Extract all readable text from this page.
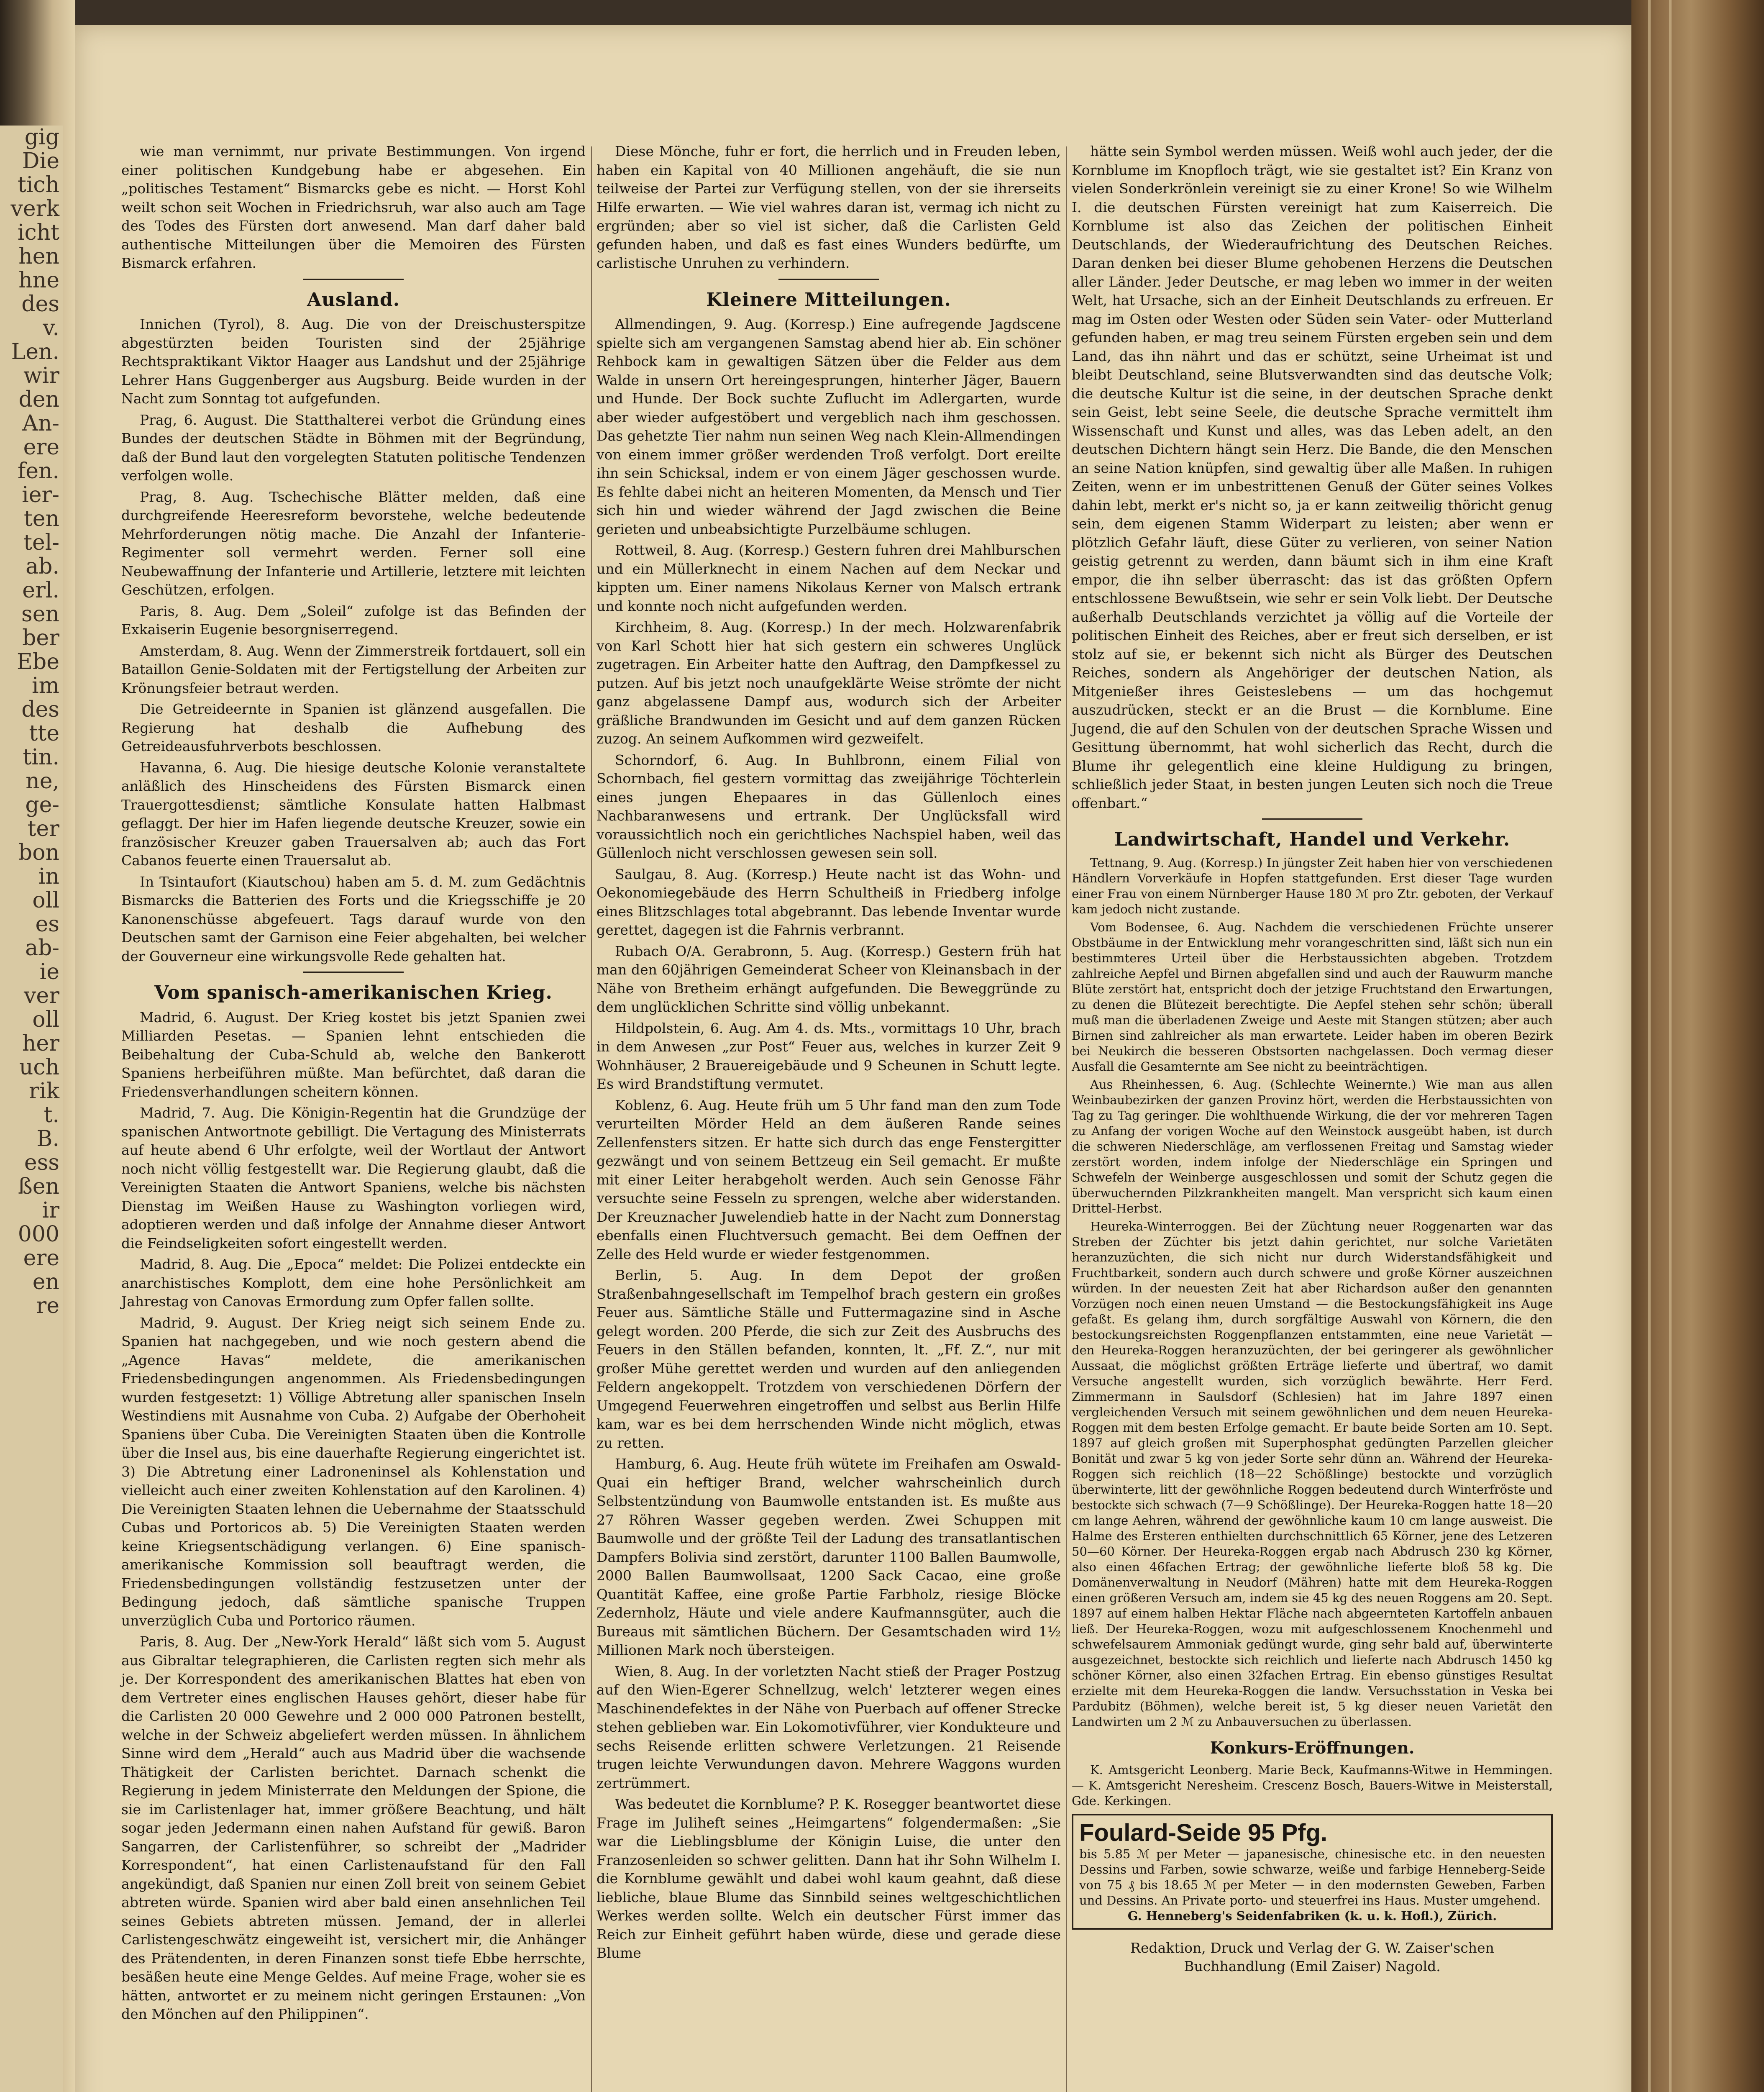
gig
Die
tich
verk
icht
hen
hne
des
v.
Len.
wir
den
An-
ere
fen.
ier-
ten
tel-
ab.
erl.
sen
ber
Ebe
im
des
tte
tin.
ne,
ge-
ter
bon
in
oll
es
ab-
ie
ver
oll
her
uch
rik
t.
B.
ess
ßen
ir
000
ere
en
re

wie man vernimmt, nur private Bestimmungen. Von irgend einer politischen Kundgebung habe er abgesehen. Ein „politisches Testament“ Bismarcks gebe es nicht. — Horst Kohl weilt schon seit Wochen in Friedrichsruh, war also auch am Tage des Todes des Fürsten dort anwesend. Man darf daher bald authentische Mitteilungen über die Memoiren des Fürsten Bismarck erfahren.

Ausland.

Innichen (Tyrol), 8. Aug. Die von der Dreischusterspitze abgestürzten beiden Touristen sind der 25jährige Rechtspraktikant Viktor Haager aus Landshut und der 25jährige Lehrer Hans Guggenberger aus Augsburg. Beide wurden in der Nacht zum Sonntag tot aufgefunden.

Prag, 6. August. Die Statthalterei verbot die Gründung eines Bundes der deutschen Städte in Böhmen mit der Begründung, daß der Bund laut den vorgelegten Statuten politische Tendenzen verfolgen wolle.

Prag, 8. Aug. Tschechische Blätter melden, daß eine durchgreifende Heeresreform bevorstehe, welche bedeutende Mehrforderungen nötig mache. Die Anzahl der Infanterie-Regimenter soll vermehrt werden. Ferner soll eine Neubewaffnung der Infanterie und Artillerie, letztere mit leichten Geschützen, erfolgen.

Paris, 8. Aug. Dem „Soleil“ zufolge ist das Befinden der Exkaiserin Eugenie besorgniserregend.

Amsterdam, 8. Aug. Wenn der Zimmerstreik fortdauert, soll ein Bataillon Genie-Soldaten mit der Fertigstellung der Arbeiten zur Krönungsfeier betraut werden.

Die Getreideernte in Spanien ist glänzend ausgefallen. Die Regierung hat deshalb die Aufhebung des Getreideausfuhrverbots beschlossen.

Havanna, 6. Aug. Die hiesige deutsche Kolonie veranstaltete anläßlich des Hinscheidens des Fürsten Bismarck einen Trauergottesdienst; sämtliche Konsulate hatten Halbmast geflaggt. Der hier im Hafen liegende deutsche Kreuzer, sowie ein französischer Kreuzer gaben Trauersalven ab; auch das Fort Cabanos feuerte einen Trauersalut ab.

In Tsintaufort (Kiautschou) haben am 5. d. M. zum Gedächtnis Bismarcks die Batterien des Forts und die Kriegsschiffe je 20 Kanonenschüsse abgefeuert. Tags darauf wurde von den Deutschen samt der Garnison eine Feier abgehalten, bei welcher der Gouverneur eine wirkungsvolle Rede gehalten hat.

Vom spanisch-amerikanischen Krieg.

Madrid, 6. August. Der Krieg kostet bis jetzt Spanien zwei Milliarden Pesetas. — Spanien lehnt entschieden die Beibehaltung der Cuba-Schuld ab, welche den Bankerott Spaniens herbeiführen müßte. Man befürchtet, daß daran die Friedensverhandlungen scheitern können.

Madrid, 7. Aug. Die Königin-Regentin hat die Grundzüge der spanischen Antwortnote gebilligt. Die Vertagung des Ministerrats auf heute abend 6 Uhr erfolgte, weil der Wortlaut der Antwort noch nicht völlig festgestellt war. Die Regierung glaubt, daß die Vereinigten Staaten die Antwort Spaniens, welche bis nächsten Dienstag im Weißen Hause zu Washington vorliegen wird, adoptieren werden und daß infolge der Annahme dieser Antwort die Feindseligkeiten sofort eingestellt werden.

Madrid, 8. Aug. Die „Epoca“ meldet: Die Polizei entdeckte ein anarchistisches Komplott, dem eine hohe Persönlichkeit am Jahrestag von Canovas Ermordung zum Opfer fallen sollte.

Madrid, 9. August. Der Krieg neigt sich seinem Ende zu. Spanien hat nachgegeben, und wie noch gestern abend die „Agence Havas“ meldete, die amerikanischen Friedensbedingungen angenommen. Als Friedensbedingungen wurden festgesetzt: 1) Völlige Abtretung aller spanischen Inseln Westindiens mit Ausnahme von Cuba. 2) Aufgabe der Oberhoheit Spaniens über Cuba. Die Vereinigten Staaten üben die Kontrolle über die Insel aus, bis eine dauerhafte Regierung eingerichtet ist. 3) Die Abtretung einer Ladroneninsel als Kohlenstation und vielleicht auch einer zweiten Kohlenstation auf den Karolinen. 4) Die Vereinigten Staaten lehnen die Uebernahme der Staatsschuld Cubas und Portoricos ab. 5) Die Vereinigten Staaten werden keine Kriegsentschädigung verlangen. 6) Eine spanisch-amerikanische Kommission soll beauftragt werden, die Friedensbedingungen vollständig festzusetzen unter der Bedingung jedoch, daß sämtliche spanische Truppen unverzüglich Cuba und Portorico räumen.

Paris, 8. Aug. Der „New-York Herald“ läßt sich vom 5. August aus Gibraltar telegraphieren, die Carlisten regten sich mehr als je. Der Korrespondent des amerikanischen Blattes hat eben von dem Vertreter eines englischen Hauses gehört, dieser habe für die Carlisten 20 000 Gewehre und 2 000 000 Patronen bestellt, welche in der Schweiz abgeliefert werden müssen. In ähnlichem Sinne wird dem „Herald“ auch aus Madrid über die wachsende Thätigkeit der Carlisten berichtet. Darnach schenkt die Regierung in jedem Ministerrate den Meldungen der Spione, die sie im Carlistenlager hat, immer größere Beachtung, und hält sogar jeden Jedermann einen nahen Aufstand für gewiß. Baron Sangarren, der Carlistenführer, so schreibt der „Madrider Korrespondent“, hat einen Carlistenaufstand für den Fall angekündigt, daß Spanien nur einen Zoll breit von seinem Gebiet abtreten würde. Spanien wird aber bald einen ansehnlichen Teil seines Gebiets abtreten müssen. Jemand, der in allerlei Carlistengeschwätz eingeweiht ist, versichert mir, die Anhänger des Prätendenten, in deren Finanzen sonst tiefe Ebbe herrschte, besäßen heute eine Menge Geldes. Auf meine Frage, woher sie es hätten, antwortet er zu meinem nicht geringen Erstaunen: „Von den Mönchen auf den Philippinen“.

Diese Mönche, fuhr er fort, die herrlich und in Freuden leben, haben ein Kapital von 40 Millionen angehäuft, die sie nun teilweise der Partei zur Verfügung stellen, von der sie ihrerseits Hilfe erwarten. — Wie viel wahres daran ist, vermag ich nicht zu ergründen; aber so viel ist sicher, daß die Carlisten Geld gefunden haben, und daß es fast eines Wunders bedürfte, um carlistische Unruhen zu verhindern.

Kleinere Mitteilungen.

Allmendingen, 9. Aug. (Korresp.) Eine aufregende Jagdscene spielte sich am vergangenen Samstag abend hier ab. Ein schöner Rehbock kam in gewaltigen Sätzen über die Felder aus dem Walde in unsern Ort hereingesprungen, hinterher Jäger, Bauern und Hunde. Der Bock suchte Zuflucht im Adlergarten, wurde aber wieder aufgestöbert und vergeblich nach ihm geschossen. Das gehetzte Tier nahm nun seinen Weg nach Klein-Allmendingen von einem immer größer werdenden Troß verfolgt. Dort ereilte ihn sein Schicksal, indem er von einem Jäger geschossen wurde. Es fehlte dabei nicht an heiteren Momenten, da Mensch und Tier sich hin und wieder während der Jagd zwischen die Beine gerieten und unbeabsichtigte Purzelbäume schlugen.

Rottweil, 8. Aug. (Korresp.) Gestern fuhren drei Mahlburschen und ein Müllerknecht in einem Nachen auf dem Neckar und kippten um. Einer namens Nikolaus Kerner von Malsch ertrank und konnte noch nicht aufgefunden werden.

Kirchheim, 8. Aug. (Korresp.) In der mech. Holzwarenfabrik von Karl Schott hier hat sich gestern ein schweres Unglück zugetragen. Ein Arbeiter hatte den Auftrag, den Dampfkessel zu putzen. Auf bis jetzt noch unaufgeklärte Weise strömte der nicht ganz abgelassene Dampf aus, wodurch sich der Arbeiter gräßliche Brandwunden im Gesicht und auf dem ganzen Rücken zuzog. An seinem Aufkommen wird gezweifelt.

Schorndorf, 6. Aug. In Buhlbronn, einem Filial von Schornbach, fiel gestern vormittag das zweijährige Töchterlein eines jungen Ehepaares in das Güllenloch eines Nachbaranwesens und ertrank. Der Unglücksfall wird voraussichtlich noch ein gerichtliches Nachspiel haben, weil das Güllenloch nicht verschlossen gewesen sein soll.

Saulgau, 8. Aug. (Korresp.) Heute nacht ist das Wohn- und Oekonomiegebäude des Herrn Schultheiß in Friedberg infolge eines Blitzschlages total abgebrannt. Das lebende Inventar wurde gerettet, dagegen ist die Fahrnis verbrannt.

Rubach O/A. Gerabronn, 5. Aug. (Korresp.) Gestern früh hat man den 60jährigen Gemeinderat Scheer von Kleinansbach in der Nähe von Bretheim erhängt aufgefunden. Die Beweggründe zu dem unglücklichen Schritte sind völlig unbekannt.

Hildpolstein, 6. Aug. Am 4. ds. Mts., vormittags 10 Uhr, brach in dem Anwesen „zur Post“ Feuer aus, welches in kurzer Zeit 9 Wohnhäuser, 2 Brauereigebäude und 9 Scheunen in Schutt legte. Es wird Brandstiftung vermutet.

Koblenz, 6. Aug. Heute früh um 5 Uhr fand man den zum Tode verurteilten Mörder Held an dem äußeren Rande seines Zellenfensters sitzen. Er hatte sich durch das enge Fenstergitter gezwängt und von seinem Bettzeug ein Seil gemacht. Er mußte mit einer Leiter herabgeholt werden. Auch sein Genosse Fähr versuchte seine Fesseln zu sprengen, welche aber widerstanden. Der Kreuznacher Juwelendieb hatte in der Nacht zum Donnerstag ebenfalls einen Fluchtversuch gemacht. Bei dem Oeffnen der Zelle des Held wurde er wieder festgenommen.

Berlin, 5. Aug. In dem Depot der großen Straßenbahngesellschaft im Tempelhof brach gestern ein großes Feuer aus. Sämtliche Ställe und Futtermagazine sind in Asche gelegt worden. 200 Pferde, die sich zur Zeit des Ausbruchs des Feuers in den Ställen befanden, konnten, lt. „Ff. Z.“, nur mit großer Mühe gerettet werden und wurden auf den anliegenden Feldern angekoppelt. Trotzdem von verschiedenen Dörfern der Umgegend Feuerwehren eingetroffen und selbst aus Berlin Hilfe kam, war es bei dem herrschenden Winde nicht möglich, etwas zu retten.

Hamburg, 6. Aug. Heute früh wütete im Freihafen am Oswald-Quai ein heftiger Brand, welcher wahrscheinlich durch Selbstentzündung von Baumwolle entstanden ist. Es mußte aus 27 Röhren Wasser gegeben werden. Zwei Schuppen mit Baumwolle und der größte Teil der Ladung des transatlantischen Dampfers Bolivia sind zerstört, darunter 1100 Ballen Baumwolle, 2000 Ballen Baumwollsaat, 1200 Sack Cacao, eine große Quantität Kaffee, eine große Partie Farbholz, riesige Blöcke Zedernholz, Häute und viele andere Kaufmannsgüter, auch die Bureaus mit sämtlichen Büchern. Der Gesamtschaden wird 1½ Millionen Mark noch übersteigen.

Wien, 8. Aug. In der vorletzten Nacht stieß der Prager Postzug auf den Wien-Egerer Schnellzug, welch' letzterer wegen eines Maschinendefektes in der Nähe von Puerbach auf offener Strecke stehen geblieben war. Ein Lokomotivführer, vier Kondukteure und sechs Reisende erlitten schwere Verletzungen. 21 Reisende trugen leichte Verwundungen davon. Mehrere Waggons wurden zertrümmert.

Was bedeutet die Kornblume? P. K. Rosegger beantwortet diese Frage im Juliheft seines „Heimgartens“ folgendermaßen: „Sie war die Lieblingsblume der Königin Luise, die unter den Franzosenleiden so schwer gelitten. Dann hat ihr Sohn Wilhelm I. die Kornblume gewählt und dabei wohl kaum geahnt, daß diese liebliche, blaue Blume das Sinnbild seines weltgeschichtlichen Werkes werden sollte. Welch ein deutscher Fürst immer das Reich zur Einheit geführt haben würde, diese und gerade diese Blume

hätte sein Symbol werden müssen. Weiß wohl auch jeder, der die Kornblume im Knopfloch trägt, wie sie gestaltet ist? Ein Kranz von vielen Sonderkrönlein vereinigt sie zu einer Krone! So wie Wilhelm I. die deutschen Fürsten vereinigt hat zum Kaiserreich. Die Kornblume ist also das Zeichen der politischen Einheit Deutschlands, der Wiederaufrichtung des Deutschen Reiches. Daran denken bei dieser Blume gehobenen Herzens die Deutschen aller Länder. Jeder Deutsche, er mag leben wo immer in der weiten Welt, hat Ursache, sich an der Einheit Deutschlands zu erfreuen. Er mag im Osten oder Westen oder Süden sein Vater- oder Mutterland gefunden haben, er mag treu seinem Fürsten ergeben sein und dem Land, das ihn nährt und das er schützt, seine Urheimat ist und bleibt Deutschland, seine Blutsverwandten sind das deutsche Volk; die deutsche Kultur ist die seine, in der deutschen Sprache denkt sein Geist, lebt seine Seele, die deutsche Sprache vermittelt ihm Wissenschaft und Kunst und alles, was das Leben adelt, an den deutschen Dichtern hängt sein Herz. Die Bande, die den Menschen an seine Nation knüpfen, sind gewaltig über alle Maßen. In ruhigen Zeiten, wenn er im unbestrittenen Genuß der Güter seines Volkes dahin lebt, merkt er's nicht so, ja er kann zeitweilig thöricht genug sein, dem eigenen Stamm Widerpart zu leisten; aber wenn er plötzlich Gefahr läuft, diese Güter zu verlieren, von seiner Nation geistig getrennt zu werden, dann bäumt sich in ihm eine Kraft empor, die ihn selber überrascht: das ist das größten Opfern entschlossene Bewußtsein, wie sehr er sein Volk liebt. Der Deutsche außerhalb Deutschlands verzichtet ja völlig auf die Vorteile der politischen Einheit des Reiches, aber er freut sich derselben, er ist stolz auf sie, er bekennt sich nicht als Bürger des Deutschen Reiches, sondern als Angehöriger der deutschen Nation, als Mitgenießer ihres Geisteslebens — um das hochgemut auszudrücken, steckt er an die Brust — die Kornblume. Eine Jugend, die auf den Schulen von der deutschen Sprache Wissen und Gesittung übernommt, hat wohl sicherlich das Recht, durch die Blume ihr gelegentlich eine kleine Huldigung zu bringen, schließlich jeder Staat, in besten jungen Leuten sich noch die Treue offenbart.“

Landwirtschaft, Handel und Verkehr.

Tettnang, 9. Aug. (Korresp.) In jüngster Zeit haben hier von verschiedenen Händlern Vorverkäufe in Hopfen stattgefunden. Erst dieser Tage wurden einer Frau von einem Nürnberger Hause 180 ℳ pro Ztr. geboten, der Verkauf kam jedoch nicht zustande.

Vom Bodensee, 6. Aug. Nachdem die verschiedenen Früchte unserer Obstbäume in der Entwicklung mehr vorangeschritten sind, läßt sich nun ein bestimmteres Urteil über die Herbstaussichten abgeben. Trotzdem zahlreiche Aepfel und Birnen abgefallen sind und auch der Rauwurm manche Blüte zerstört hat, entspricht doch der jetzige Fruchtstand den Erwartungen, zu denen die Blütezeit berechtigte. Die Aepfel stehen sehr schön; überall muß man die überladenen Zweige und Aeste mit Stangen stützen; aber auch Birnen sind zahlreicher als man erwartete. Leider haben im oberen Bezirk bei Neukirch die besseren Obstsorten nachgelassen. Doch vermag dieser Ausfall die Gesamternte am See nicht zu beeinträchtigen.

Aus Rheinhessen, 6. Aug. (Schlechte Weinernte.) Wie man aus allen Weinbaubezirken der ganzen Provinz hört, werden die Herbstaussichten von Tag zu Tag geringer. Die wohlthuende Wirkung, die der vor mehreren Tagen zu Anfang der vorigen Woche auf den Weinstock ausgeübt haben, ist durch die schweren Niederschläge, am verflossenen Freitag und Samstag wieder zerstört worden, indem infolge der Niederschläge ein Springen und Schwefeln der Weinberge ausgeschlossen und somit der Schutz gegen die überwuchernden Pilzkrankheiten mangelt. Man verspricht sich kaum einen Drittel-Herbst.

Heureka-Winterroggen. Bei der Züchtung neuer Roggenarten war das Streben der Züchter bis jetzt dahin gerichtet, nur solche Varietäten heranzuzüchten, die sich nicht nur durch Widerstandsfähigkeit und Fruchtbarkeit, sondern auch durch schwere und große Körner auszeichnen würden. In der neuesten Zeit hat aber Richardson außer den genannten Vorzügen noch einen neuen Umstand — die Bestockungsfähigkeit ins Auge gefaßt. Es gelang ihm, durch sorgfältige Auswahl von Körnern, die den bestockungsreichsten Roggenpflanzen entstammten, eine neue Varietät — den Heureka-Roggen heranzuzüchten, der bei geringerer als gewöhnlicher Aussaat, die möglichst größten Erträge lieferte und übertraf, wo damit Versuche angestellt wurden, sich vorzüglich bewährte. Herr Ferd. Zimmermann in Saulsdorf (Schlesien) hat im Jahre 1897 einen vergleichenden Versuch mit seinem gewöhnlichen und dem neuen Heureka-Roggen mit dem besten Erfolge gemacht. Er baute beide Sorten am 10. Sept. 1897 auf gleich großen mit Superphosphat gedüngten Parzellen gleicher Bonität und zwar 5 kg von jeder Sorte sehr dünn an. Während der Heureka-Roggen sich reichlich (18—22 Schößlinge) bestockte und vorzüglich überwinterte, litt der gewöhnliche Roggen bedeutend durch Winterfröste und bestockte sich schwach (7—9 Schößlinge). Der Heureka-Roggen hatte 18—20 cm lange Aehren, während der gewöhnliche kaum 10 cm lange ausweist. Die Halme des Ersteren enthielten durchschnittlich 65 Körner, jene des Letzeren 50—60 Körner. Der Heureka-Roggen ergab nach Abdrusch 230 kg Körner, also einen 46fachen Ertrag; der gewöhnliche lieferte bloß 58 kg. Die Domänenverwaltung in Neudorf (Mähren) hatte mit dem Heureka-Roggen einen größeren Versuch am, indem sie 45 kg des neuen Roggens am 20. Sept. 1897 auf einem halben Hektar Fläche nach abgeernteten Kartoffeln anbauen ließ. Der Heureka-Roggen, wozu mit aufgeschlossenem Knochenmehl und schwefelsaurem Ammoniak gedüngt wurde, ging sehr bald auf, überwinterte ausgezeichnet, bestockte sich reichlich und lieferte nach Abdrusch 1450 kg schöner Körner, also einen 32fachen Ertrag. Ein ebenso günstiges Resultat erzielte mit dem Heureka-Roggen die landw. Versuchsstation in Veska bei Pardubitz (Böhmen), welche bereit ist, 5 kg dieser neuen Varietät den Landwirten um 2 ℳ zu Anbauversuchen zu überlassen.

Konkurs-Eröffnungen.

K. Amtsgericht Leonberg. Marie Beck, Kaufmanns-Witwe in Hemmingen. — K. Amtsgericht Neresheim. Crescenz Bosch, Bauers-Witwe in Meisterstall, Gde. Kerkingen.

Foulard-Seide 95 Pfg.
bis 5.85 ℳ per Meter — japanesische, chinesische etc. in den neuesten Dessins und Farben, sowie schwarze, weiße und farbige Henneberg-Seide von 75 ₰ bis 18.65 ℳ per Meter — in den modernsten Geweben, Farben und Dessins. An Private porto- und steuerfrei ins Haus. Muster umgehend.
G. Henneberg's Seidenfabriken (k. u. k. Hofl.), Zürich.
Redaktion, Druck und Verlag der G. W. Zaiser'schen
Buchhandlung (Emil Zaiser) Nagold.
